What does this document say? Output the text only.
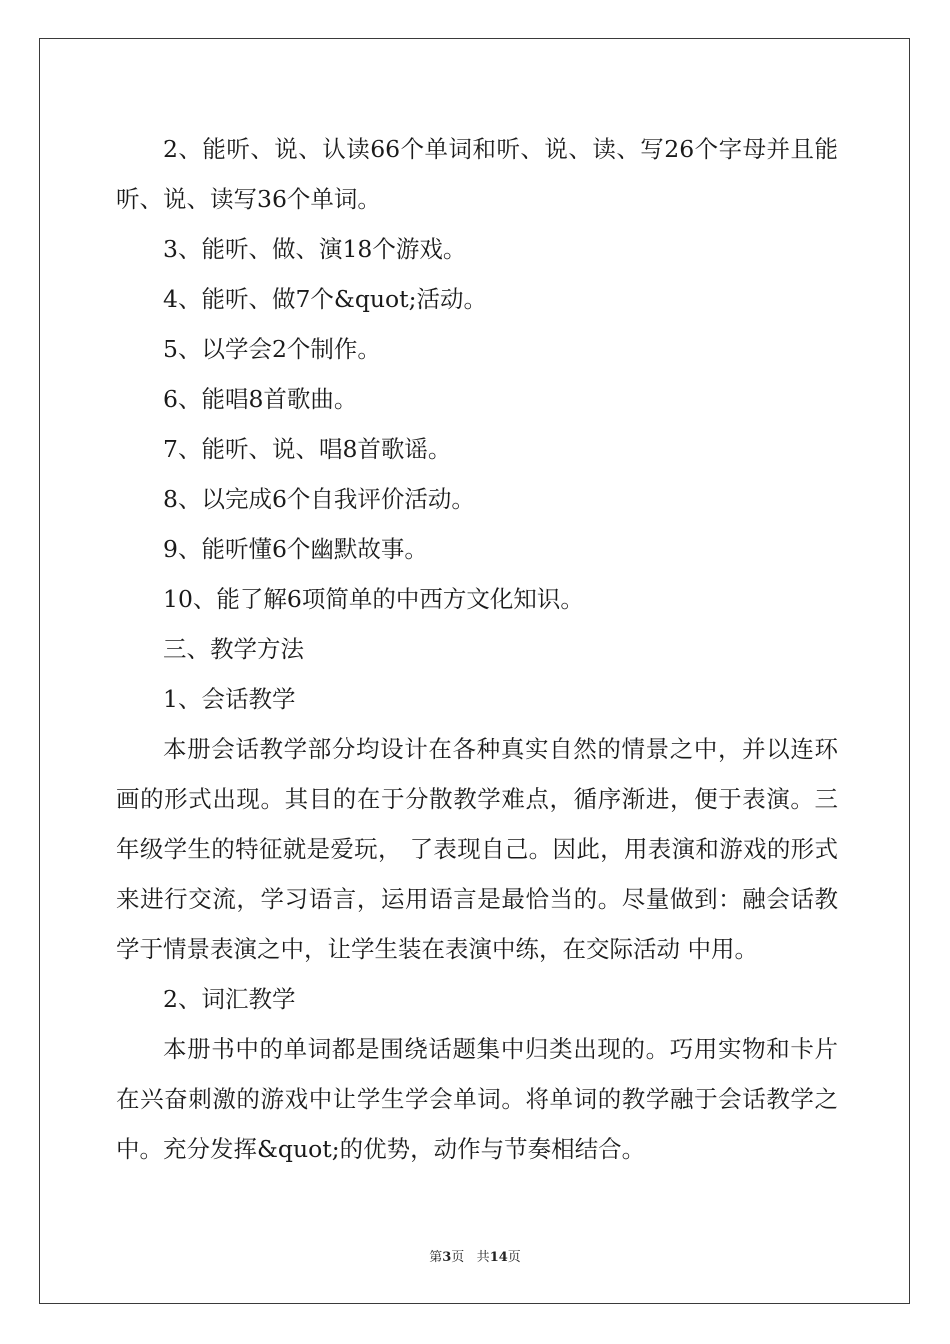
2、能听、说、认读66个单词和听、说、读、写26个字母并且能听、说、读写36个单词。

3、能听、做、演18个游戏。

4、能听、做7个&quot;活动。

5、以学会2个制作。

6、能唱8首歌曲。

7、能听、说、唱8首歌谣。

8、以完成6个自我评价活动。

9、能听懂6个幽默故事。

10、能了解6项简单的中西方文化知识。

三、教学方法

1、会话教学

本册会话教学部分均设计在各种真实自然的情景之中，并以连环画的形式出现。其目的在于分散教学难点，循序渐进，便于表演。三年级学生的特征就是爱玩， 了表现自己。因此，用表演和游戏的形式来进行交流，学习语言，运用语言是最恰当的。尽量做到：融会话教学于情景表演之中，让学生装在表演中练，在交际活动 中用。

2、词汇教学

本册书中的单词都是围绕话题集中归类出现的。巧用实物和卡片在兴奋刺激的游戏中让学生学会单词。将单词的教学融于会话教学之中。充分发挥&quot;的优势，动作与节奏相结合。

第3页 共14页
